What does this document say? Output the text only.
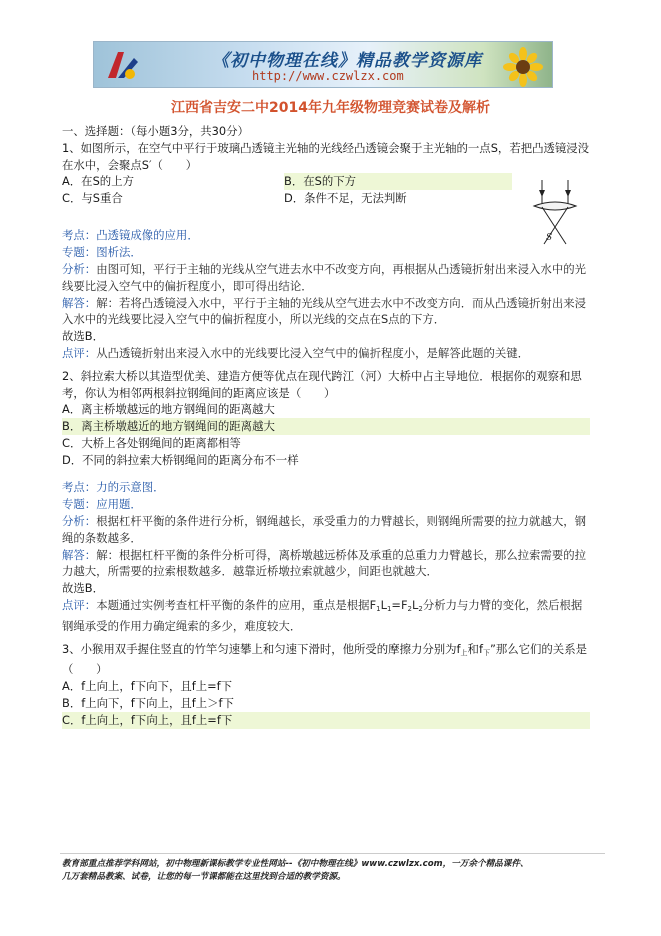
《初中物理在线》精品教学资源库
http://www.czwlzx.com
江西省吉安二中2014年九年级物理竞赛试卷及解析

一、选择题：（每小题3分，共30分）

1、如图所示，在空气中平行于玻璃凸透镜主光轴的光线经凸透镜会聚于主光轴的一点S，若把凸透镜浸没在水中，会聚点S′（　　）

A．在S的上方	B．在S的下方
C．与S重合	D．条件不足，无法判断

考点：凸透镜成像的应用．

专题：图析法．

分析：由图可知，平行于主轴的光线从空气进去水中不改变方向，再根据从凸透镜折射出来浸入水中的光线要比浸入空气中的偏折程度小，即可得出结论．

解答：解：若将凸透镜浸入水中，平行于主轴的光线从空气进去水中不改变方向．而从凸透镜折射出来浸入水中的光线要比浸入空气中的偏折程度小，所以光线的交点在S点的下方．

故选B．

点评：从凸透镜折射出来浸入水中的光线要比浸入空气中的偏折程度小，是解答此题的关键．

2、斜拉索大桥以其造型优美、建造方便等优点在现代跨江（河）大桥中占主导地位．根据你的观察和思考，你认为相邻两根斜拉钢绳间的距离应该是（　　）

A．离主桥墩越远的地方钢绳间的距离越大
B．离主桥墩越近的地方钢绳间的距离越大
C．大桥上各处钢绳间的距离都相等
D．不同的斜拉索大桥钢绳间的距离分布不一样

考点：力的示意图．

专题：应用题．

分析：根据杠杆平衡的条件进行分析，钢绳越长，承受重力的力臂越长，则钢绳所需要的拉力就越大，钢绳的条数越多．

解答：解：根据杠杆平衡的条件分析可得，离桥墩越远桥体及承重的总重力力臂越长，那么拉索需要的拉力越大，所需要的拉索根数越多．越靠近桥墩拉索就越少，间距也就越大．

故选B．

点评：本题通过实例考查杠杆平衡的条件的应用，重点是根据$F_1L_1=F_2L_2$分析力与力臂的变化，然后根据钢绳承受的作用力确定绳索的多少，难度较大．

3、小猴用双手握住竖直的竹竿匀速攀上和匀速下滑时，他所受的摩擦力分别为$f_上$和$f_下$”那么它们的关系是（　　）

A．f上向上，f下向下，且f上=f下
B．f上向下，f下向上，且f上＞f下
C．f上向上，f下向上，且f上=f下
S
教育部重点推荐学科网站，初中物理新课标教学专业性网站--《初中物理在线》www.czwlzx.com，一万余个精品课件、
几万套精品教案、试卷，让您的每一节课都能在这里找到合适的教学资源。
